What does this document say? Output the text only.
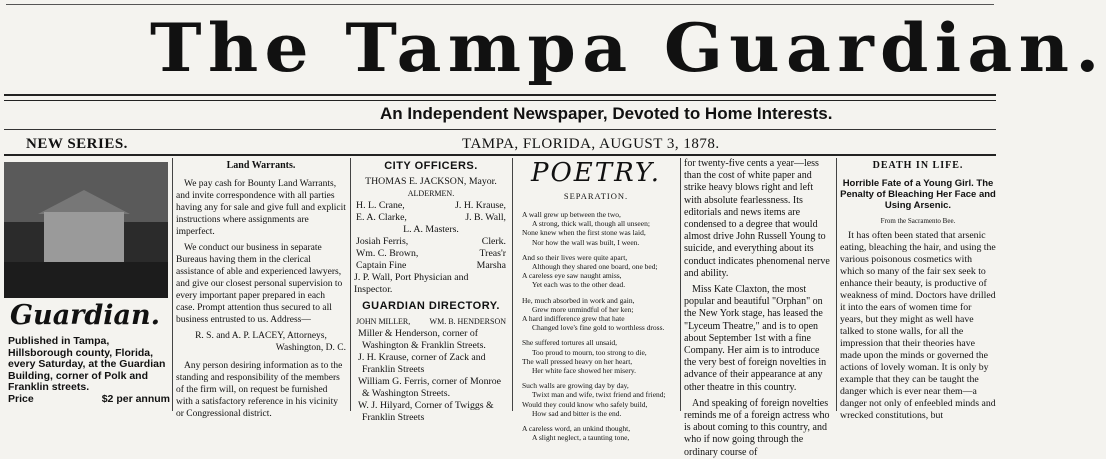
The Tampa Guardian.
An Independent Newspaper, Devoted to Home Interests.
NEW SERIES.	TAMPA, FLORIDA, AUGUST 3, 1878.
Guardian.
Published in Tampa, Hillsborough county, Florida, every Saturday, at the Guardian Building, corner of Polk and Franklin streets.
Price	$2 per annum
Land Warrants.

We pay cash for Bounty Land Warrants, and invite correspondence with all parties having any for sale and give full and explicit instructions where assignments are imperfect.

We conduct our business in separate Bureaus having them in the clerical assistance of able and experienced lawyers, and give our closest personal supervision to every important paper prepared in each case. Prompt attention thus secured to all business entrusted to us. Address—

R. S. and A. P. LACEY, Attorneys,
Washington, D. C.

Any person desiring information as to the standing and responsibility of the members of the firm will, on request be furnished with a satisfactory reference in his vicinity or Congressional district.

CITY OFFICERS.
THOMAS E. JACKSON, Mayor.
ALDERMEN.
H. L. Crane,	J. H. Krause,
E. A. Clarke,	J. B. Wall,
L. A. Masters.
Josiah Ferris,	Clerk.
Wm. C. Brown,	Treas'r
Captain Fine	Marsha
J. P. Wall, Port Physician and Inspector.
GUARDIAN DIRECTORY.
JOHN MILLER, WM. B. HENDERSON
Miller & Henderson, corner of Washington & Franklin Streets.
J. H. Krause, corner of Zack and Franklin Streets
William G. Ferris, corner of Monroe & Washington Streets.
W. J. Hilyard, Corner of Twiggs & Franklin Streets
POETRY.
SEPARATION.
A wall grew up between the two,
A strong, thick wall, though all unseen;
None knew when the first stone was laid,
Nor how the wall was built, I ween.
And so their lives were quite apart,
Although they shared one board, one bed;
A careless eye saw naught amiss,
Yet each was to the other dead.
He, much absorbed in work and gain,
Grew more unmindful of her ken;
A hard indifference grew that hate
Changed love's fine gold to worthless dross.
She suffered tortures all unsaid,
Too proud to mourn, too strong to die,
The wall pressed heavy on her heart,
Her white face showed her misery.
Such walls are growing day by day,
Twixt man and wife, twixt friend and friend;
Would they could know who safely build,
How sad and bitter is the end.
A careless word, an unkind thought,
A slight neglect, a taunting tone,

for twenty-five cents a year—less than the cost of white paper and strike heavy blows right and left with absolute fearlessness. Its editorials and news items are condensed to a degree that would almost drive John Russell Young to suicide, and everything about its conduct indicates phenomenal nerve and ability.

Miss Kate Claxton, the most popular and beautiful "Orphan" on the New York stage, has leased the "Lyceum Theatre," and is to open about September 1st with a fine Company. Her aim is to introduce the very best of foreign novelties in advance of their appearance at any other theatre in this country.

And speaking of foreign novelties reminds me of a foreign actress who is about coming to this country, and who if now going through the ordinary course of

DEATH IN LIFE.
Horrible Fate of a Young Girl. The Penalty of Bleaching Her Face and Using Arsenic.
From the Sacramento Bee.

It has often been stated that arsenic eating, bleaching the hair, and using the various poisonous cosmetics with which so many of the fair sex seek to enhance their beauty, is productive of weakness of mind. Doctors have drilled it into the ears of women time for years, but they might as well have talked to stone walls, for all the impression that their theories have made upon the minds or governed the actions of lovely woman. It is only by example that they can be taught the danger which is ever near them—a danger not only of enfeebled minds and wrecked constitutions, but
